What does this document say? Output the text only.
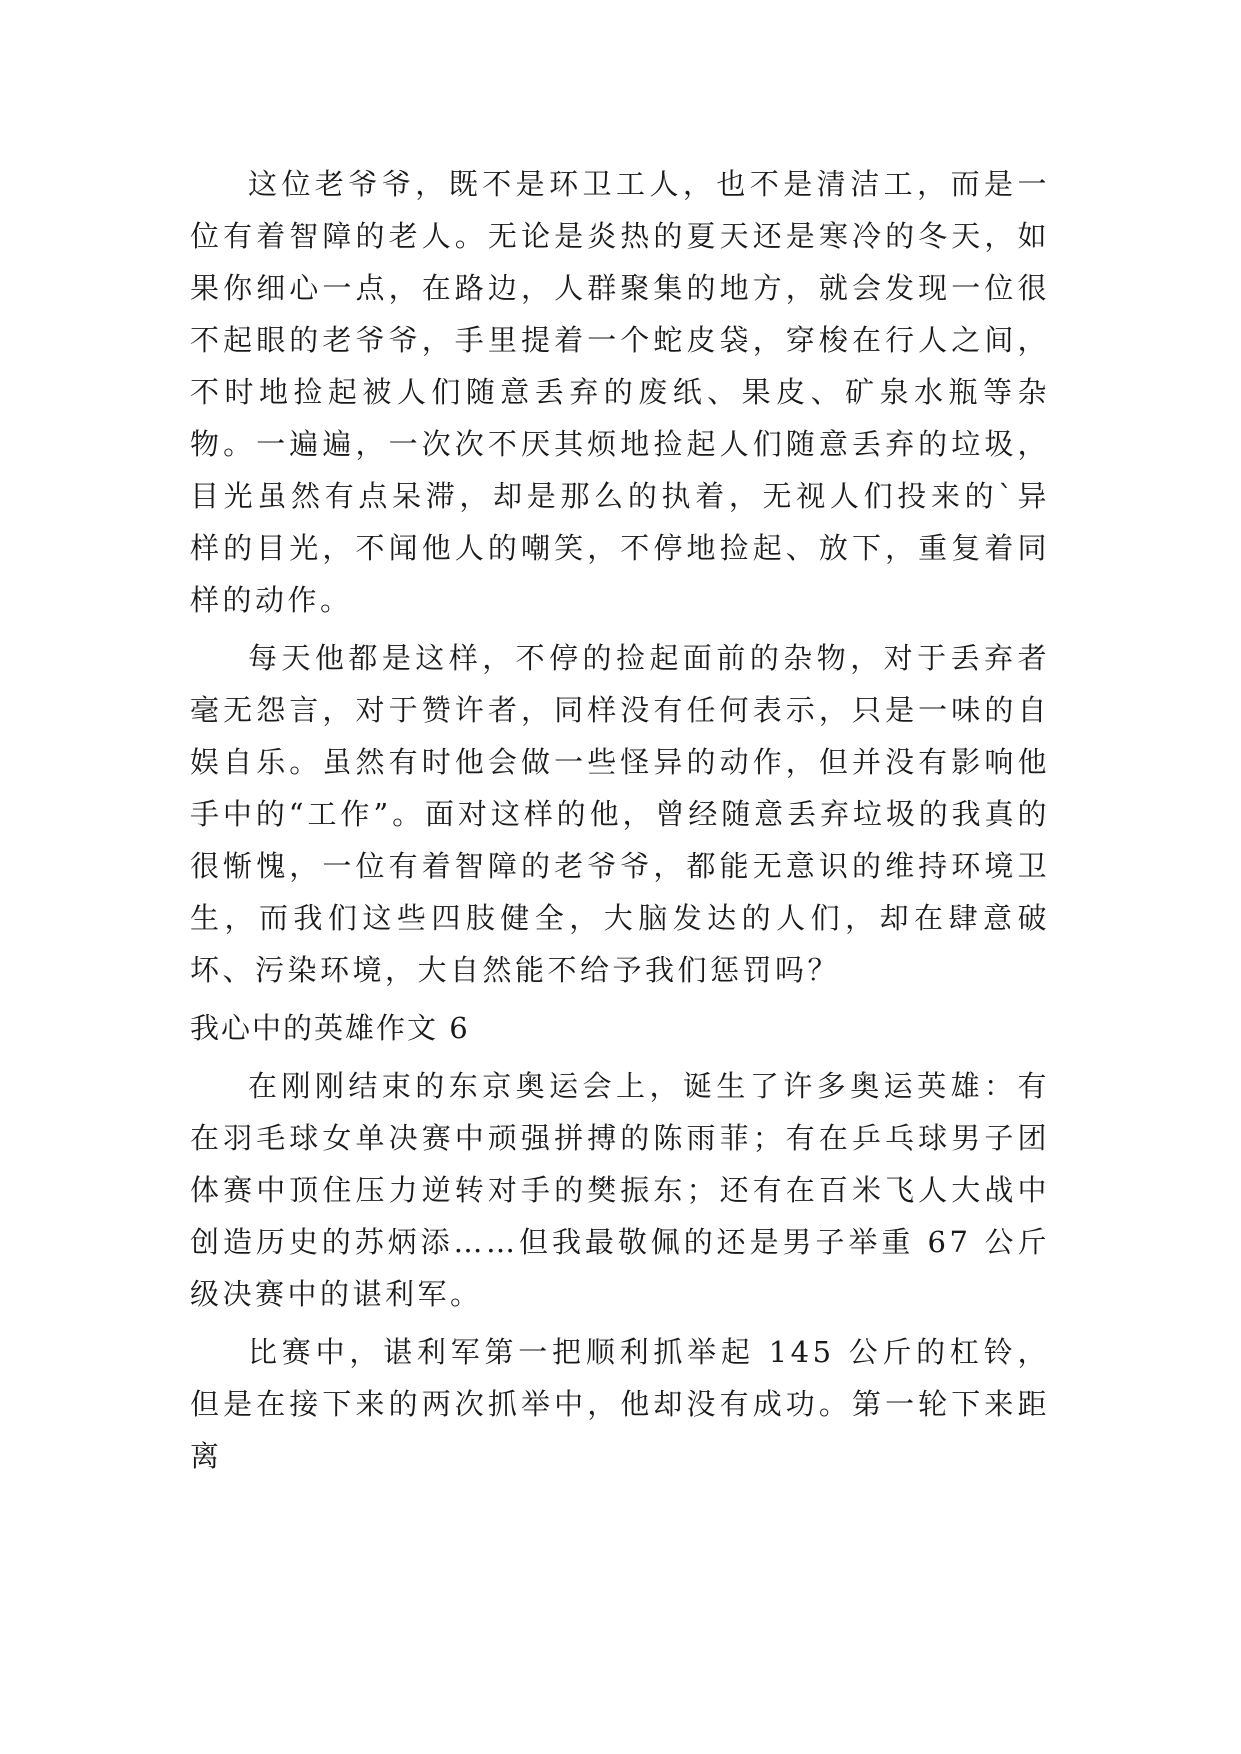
这位老爷爷，既不是环卫工人，也不是清洁工，而是一位有着智障的老人。无论是炎热的夏天还是寒冷的冬天，如果你细心一点，在路边，人群聚集的地方，就会发现一位很不起眼的老爷爷，手里提着一个蛇皮袋，穿梭在行人之间，不时地捡起被人们随意丢弃的废纸、果皮、矿泉水瓶等杂物。一遍遍，一次次不厌其烦地捡起人们随意丢弃的垃圾，目光虽然有点呆滞，却是那么的执着，无视人们投来的`异样的目光，不闻他人的嘲笑，不停地捡起、放下，重复着同样的动作。

每天他都是这样，不停的捡起面前的杂物，对于丢弃者毫无怨言，对于赞许者，同样没有任何表示，只是一味的自娱自乐。虽然有时他会做一些怪异的动作，但并没有影响他手中的“工作”。面对这样的他，曾经随意丢弃垃圾的我真的很惭愧，一位有着智障的老爷爷，都能无意识的维持环境卫生，而我们这些四肢健全，大脑发达的人们，却在肆意破坏、污染环境，大自然能不给予我们惩罚吗？

我心中的英雄作文 6

在刚刚结束的东京奥运会上，诞生了许多奥运英雄：有在羽毛球女单决赛中顽强拼搏的陈雨菲；有在乒乓球男子团体赛中顶住压力逆转对手的樊振东；还有在百米飞人大战中创造历史的苏炳添……但我最敬佩的还是男子举重 67 公斤级决赛中的谌利军。

比赛中，谌利军第一把顺利抓举起 145 公斤的杠铃，但是在接下来的两次抓举中，他却没有成功。第一轮下来距离
